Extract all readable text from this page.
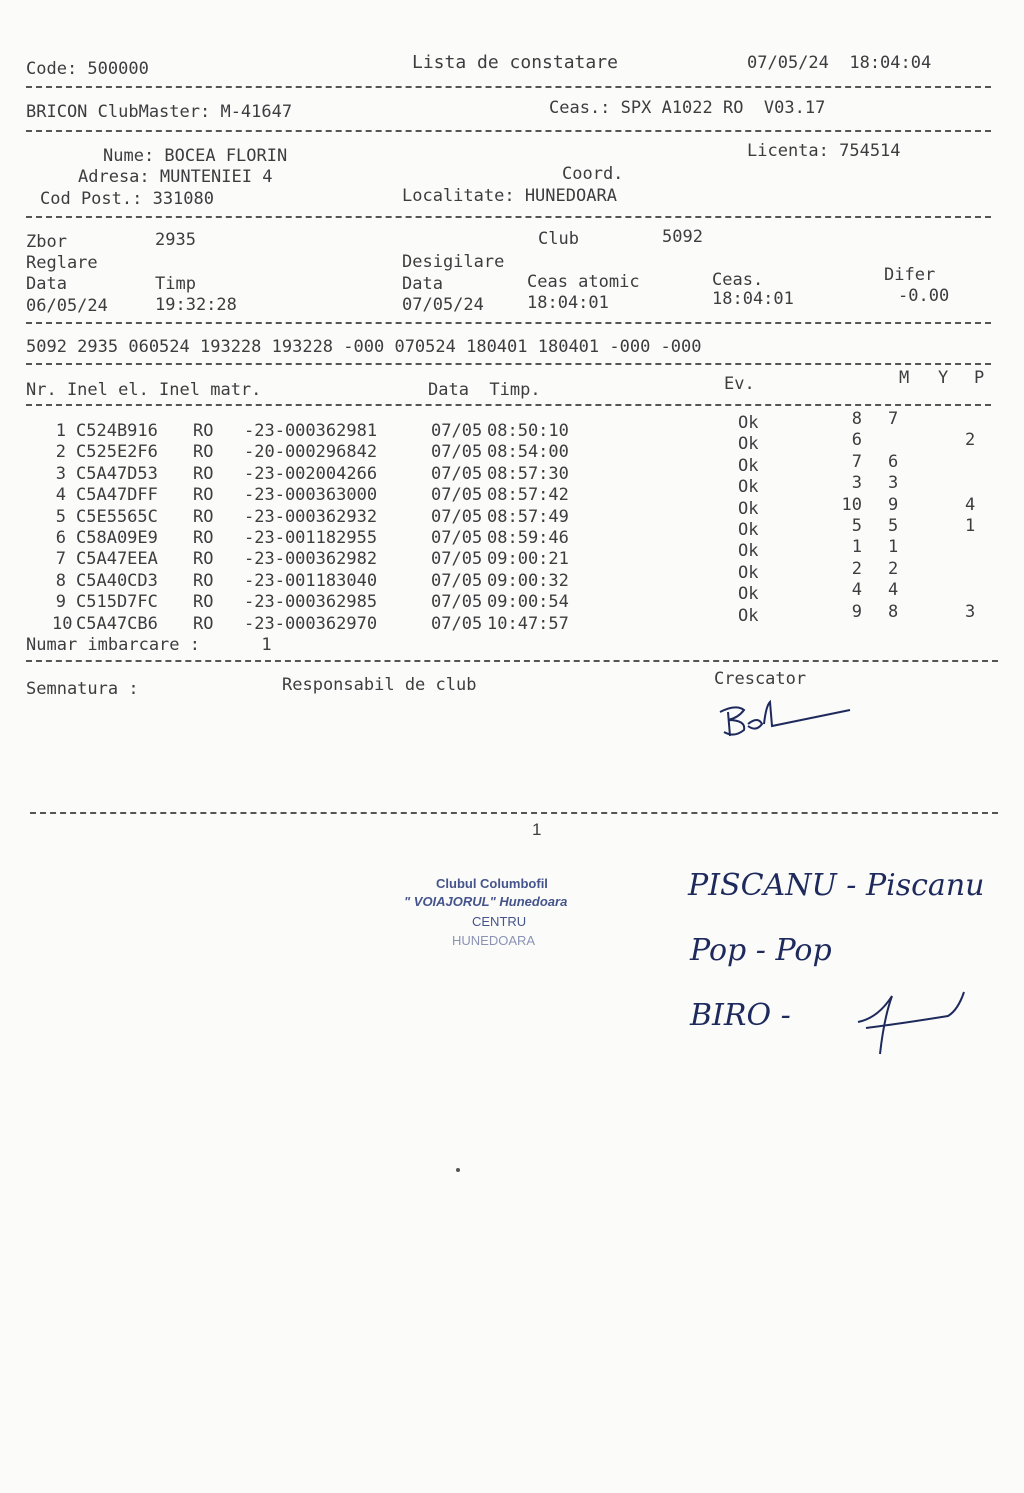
Code: 500000	Lista de constatare	07/05/24  18:04:04
BRICON ClubMaster: M-41647	Ceas.: SPX A1022 RO  V03.17
Nume: BOCEA FLORIN	Licenta: 754514
Adresa: MUNTENIEI 4	Coord.
Cod Post.: 331080	Localitate: HUNEDOARA
Zbor	2935	Club	5092
Reglare	Desigilare
Data	Timp	Data	Ceas atomic	Ceas.	Difer
06/05/24	19:32:28	07/05/24	18:04:01	18:04:01	-0.00
5092 2935 060524 193228 193228 -000 070524 180401 180401 -000 -000
Nr. Inel el. Inel matr.	Data  Timp.	Ev.	M Y P
1 C524B916 RO -23-000362981	07/05 08:50:10	Ok	8 7
2 C525E2F6 RO -20-000296842	07/05 08:54:00	Ok	6	2
3 C5A47D53 RO -23-002004266	07/05 08:57:30	Ok	7 6
4 C5A47DFF RO -23-000363000	07/05 08:57:42	Ok	3 3
5 C5E5565C RO -23-000362932	07/05 08:57:49	Ok	10 9	4
6 C58A09E9 RO -23-001182955	07/05 08:59:46	Ok	5 5	1
7 C5A47EEA RO -23-000362982	07/05 09:00:21	Ok	1 1
8 C5A40CD3 RO -23-001183040	07/05 09:00:32	Ok	2 2
9 C515D7FC RO -23-000362985	07/05 09:00:54	Ok	4 4
10 C5A47CB6 RO -23-000362970	07/05 10:47:57	Ok	9 8	3
Numar imbarcare :      1
Semnatura :	Responsabil de club	Crescator
1
Clubul Columbofil
" VOIAJORUL" Hunedoara
CENTRU
HUNEDOARA
PISCANU - Piscanu
Pop - Pop
BIRO -
